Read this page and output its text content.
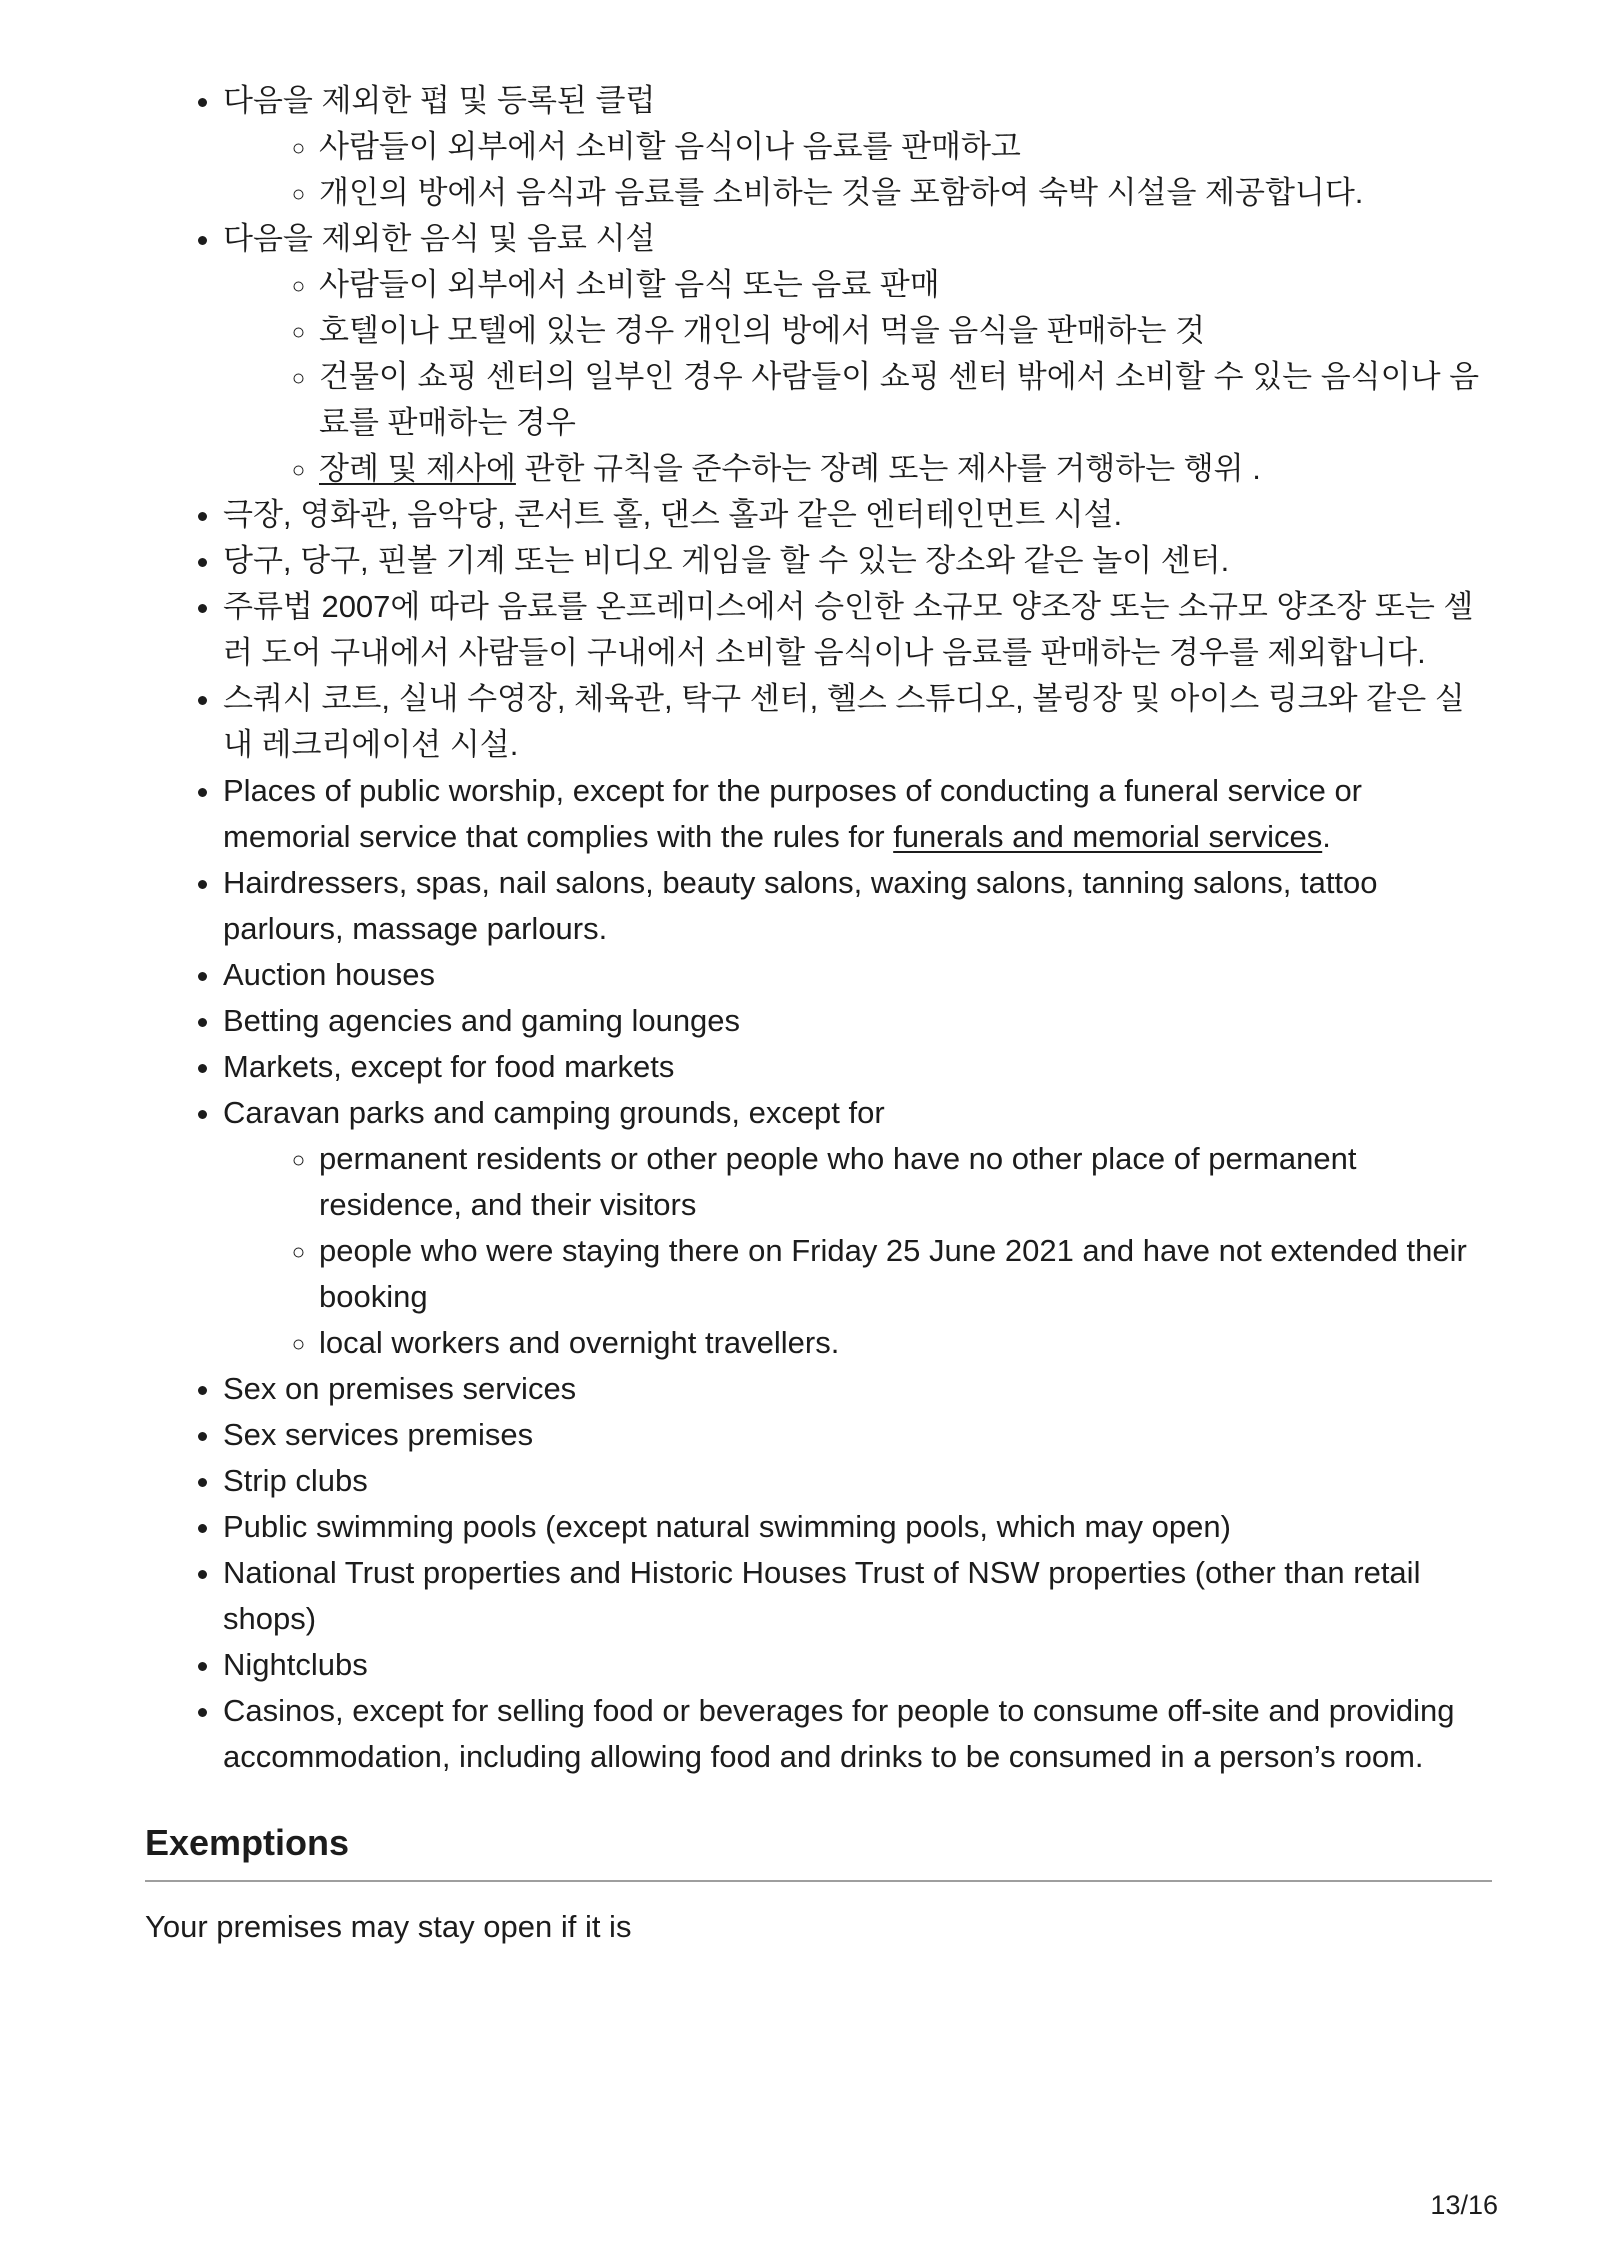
• 다음을 제외한 펍 및 등록된 클럽
◦ 사람들이 외부에서 소비할 음식이나 음료를 판매하고
◦ 개인의 방에서 음식과 음료를 소비하는 것을 포함하여 숙박 시설을 제공합니다.
• 다음을 제외한 음식 및 음료 시설
◦ 사람들이 외부에서 소비할 음식 또는 음료 판매
◦ 호텔이나 모텔에 있는 경우 개인의 방에서 먹을 음식을 판매하는 것
◦ 건물이 쇼핑 센터의 일부인 경우 사람들이 쇼핑 센터 밖에서 소비할 수 있는 음식이나 음료를 판매하는 경우
◦ 장례 및 제사에 관한 규칙을 준수하는 장례 또는 제사를 거행하는 행위 .
• 극장, 영화관, 음악당, 콘서트 홀, 댄스 홀과 같은 엔터테인먼트 시설.
• 당구, 당구, 핀볼 기계 또는 비디오 게임을 할 수 있는 장소와 같은 놀이 센터.
• 주류법 2007에 따라 음료를 온프레미스에서 승인한 소규모 양조장 또는 소규모 양조장 또는 셀러 도어 구내에서 사람들이 구내에서 소비할 음식이나 음료를 판매하는 경우를 제외합니다.
• 스쿼시 코트, 실내 수영장, 체육관, 탁구 센터, 헬스 스튜디오, 볼링장 및 아이스 링크와 같은 실내 레크리에이션 시설.
• Places of public worship, except for the purposes of conducting a funeral service or memorial service that complies with the rules for funerals and memorial services.
• Hairdressers, spas, nail salons, beauty salons, waxing salons, tanning salons, tattoo parlours, massage parlours.
• Auction houses
• Betting agencies and gaming lounges
• Markets, except for food markets
• Caravan parks and camping grounds, except for
◦ permanent residents or other people who have no other place of permanent residence, and their visitors
◦ people who were staying there on Friday 25 June 2021 and have not extended their booking
◦ local workers and overnight travellers.
• Sex on premises services
• Sex services premises
• Strip clubs
• Public swimming pools (except natural swimming pools, which may open)
• National Trust properties and Historic Houses Trust of NSW properties (other than retail shops)
• Nightclubs
• Casinos, except for selling food or beverages for people to consume off-site and providing accommodation, including allowing food and drinks to be consumed in a person’s room.
Exemptions

Your premises may stay open if it is

13/16
